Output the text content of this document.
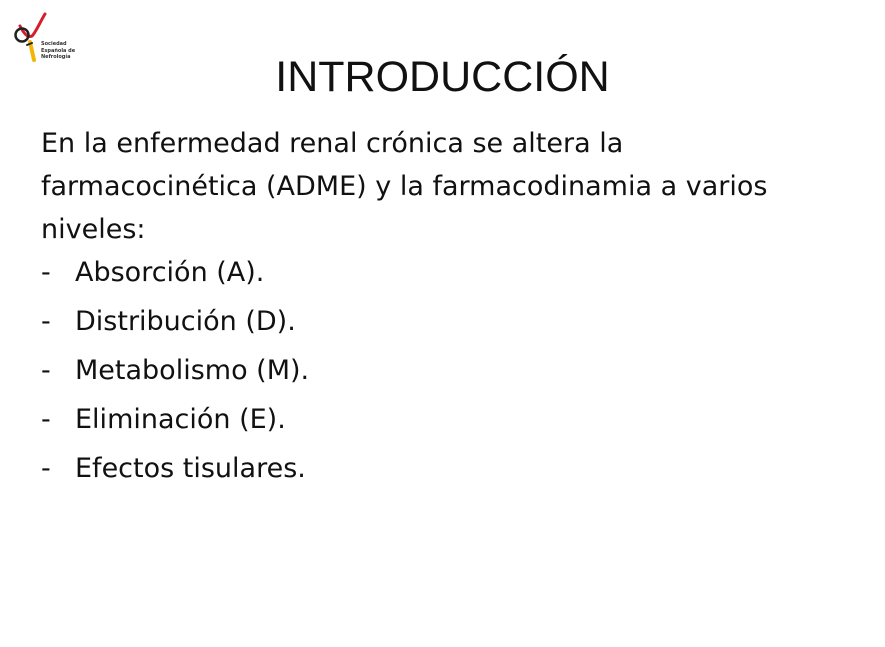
Sociedad
Española de
Nefrología	INTRODUCCIÓN

En la enfermedad renal crónica se altera la farmacocinética (ADME) y la farmacodinamia a varios niveles:

- Absorción (A).
- Distribución (D).
- Metabolismo (M).
- Eliminación (E).
- Efectos tisulares.
